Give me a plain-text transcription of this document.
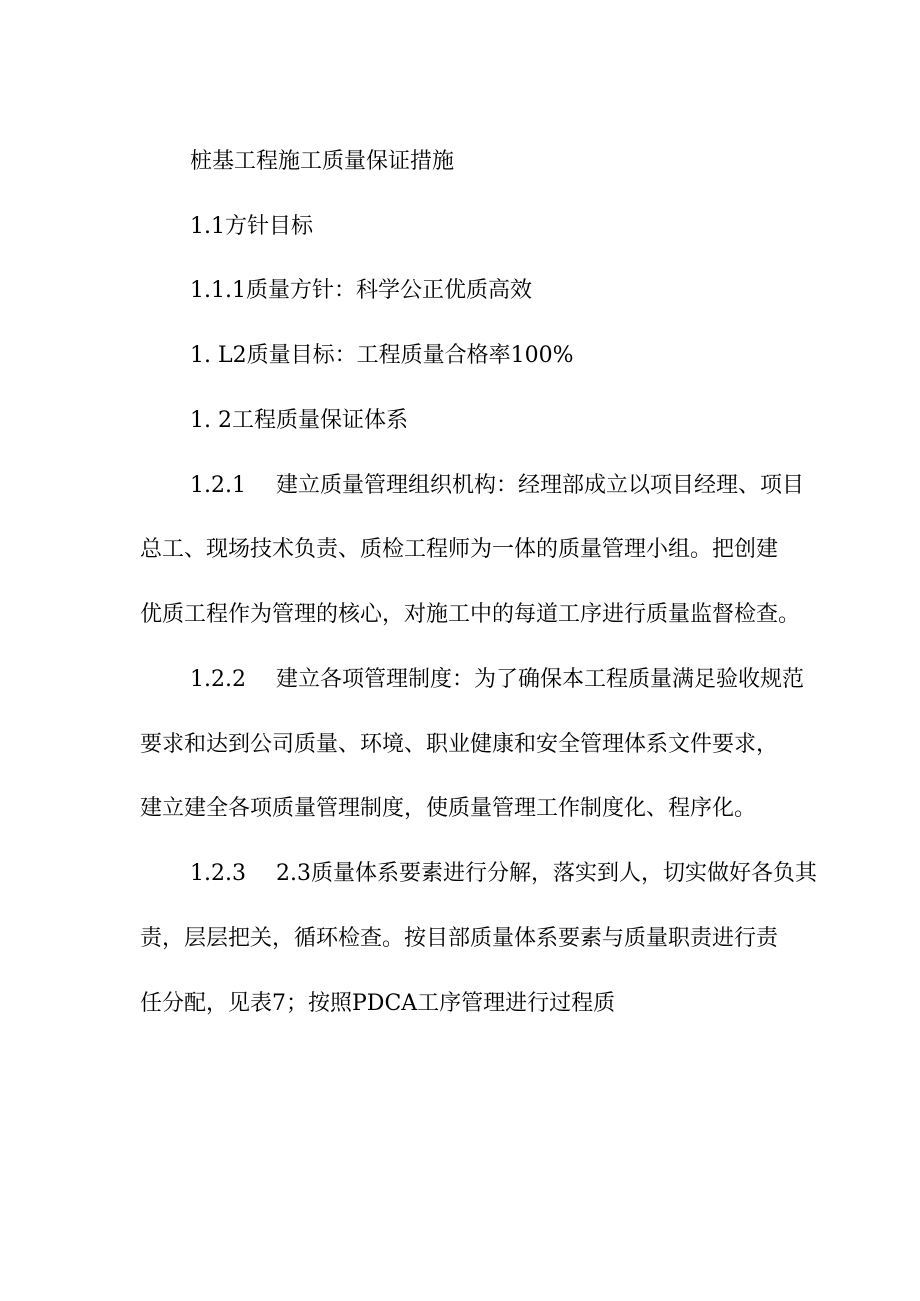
桩基工程施工质量保证措施
1.1方针目标
1.1.1质量方针：科学公正优质高效
1. L2质量目标：工程质量合格率100%
1. 2工程质量保证体系
1.2.1 建立质量管理组织机构：经理部成立以项目经理、项目
总工、现场技术负责、质检工程师为一体的质量管理小组。把创建
优质工程作为管理的核心，对施工中的每道工序进行质量监督检查。
1.2.2 建立各项管理制度：为了确保本工程质量满足验收规范
要求和达到公司质量、环境、职业健康和安全管理体系文件要求，
建立建全各项质量管理制度，使质量管理工作制度化、程序化。
1.2.3 2.3质量体系要素进行分解，落实到人，切实做好各负其
责，层层把关，循环检查。按目部质量体系要素与质量职责进行责
任分配，见表7；按照PDCA工序管理进行过程质
